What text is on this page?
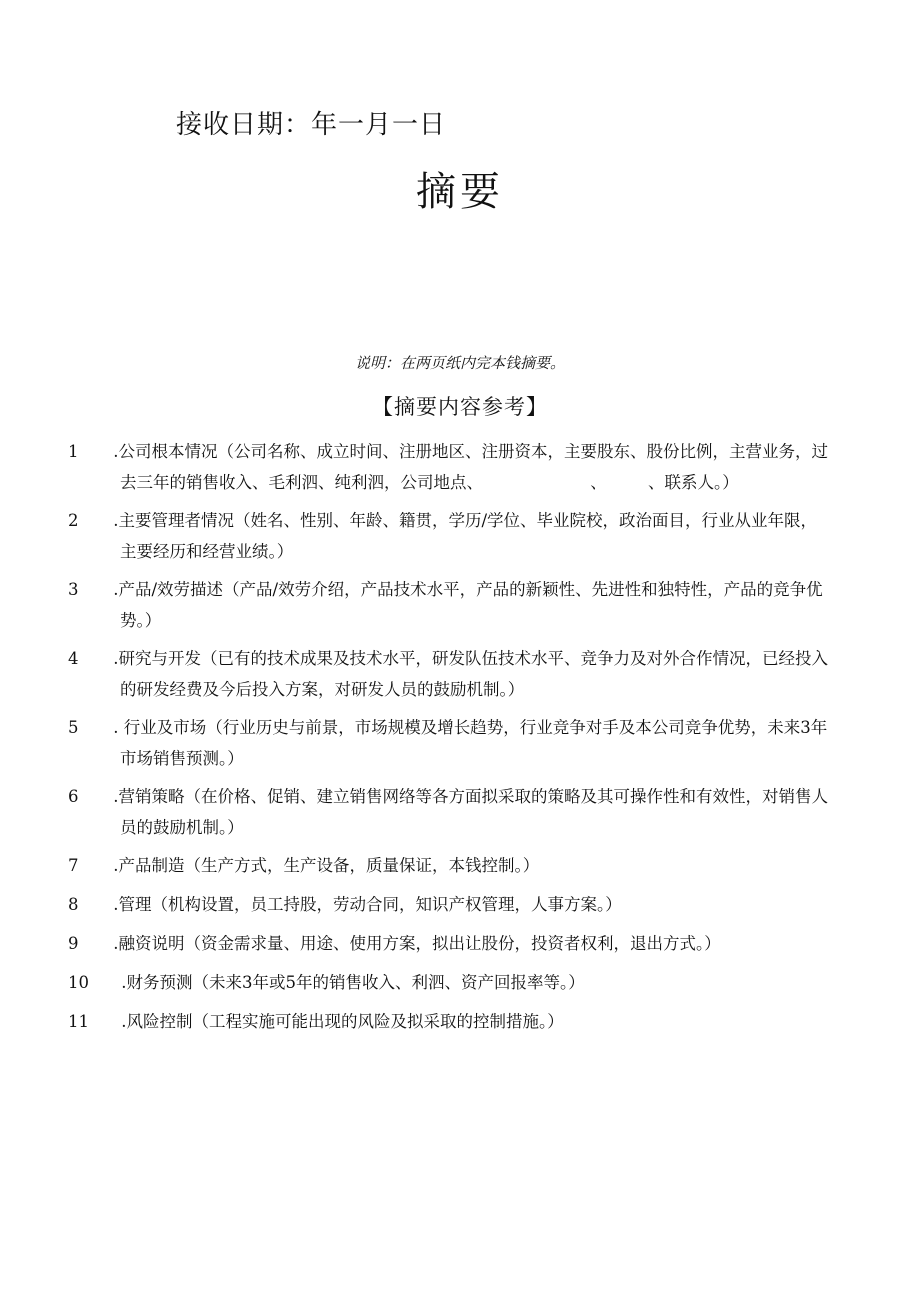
接收日期：年一月一日
摘要
说明：在两页纸内完本钱摘要。
【摘要内容参考】
1 .公司根本情况（公司名称、成立时间、注册地区、注册资本，主要股东、股份比例，主营业务，过去三年的销售收入、毛利泗、纯利泗，公司地点、　　　　　　　、　　　、联系人。）
2 .主要管理者情况（姓名、性别、年龄、籍贯，学历/学位、毕业院校，政治面目，行业从业年限，主要经历和经营业绩。）
3 .产品/效劳描述（产品/效劳介绍，产品技术水平，产品的新颖性、先进性和独特性，产品的竞争优势。）
4 .研究与开发（已有的技术成果及技术水平，研发队伍技术水平、竞争力及对外合作情况，已经投入的研发经费及今后投入方案，对研发人员的鼓励机制。）
5 . 行业及市场（行业历史与前景，市场规模及增长趋势，行业竞争对手及本公司竞争优势，未来3年市场销售预测。）
6 .营销策略（在价格、促销、建立销售网络等各方面拟采取的策略及其可操作性和有效性，对销售人员的鼓励机制。）
7 .产品制造（生产方式，生产设备，质量保证，本钱控制。）
8 .管理（机构设置，员工持股，劳动合同，知识产权管理，人事方案。）
9 .融资说明（资金需求量、用途、使用方案，拟出让股份，投资者权利，退出方式。）
10 .财务预测（未来3年或5年的销售收入、利泗、资产回报率等。）
11 .风险控制（工程实施可能出现的风险及拟采取的控制措施。）
